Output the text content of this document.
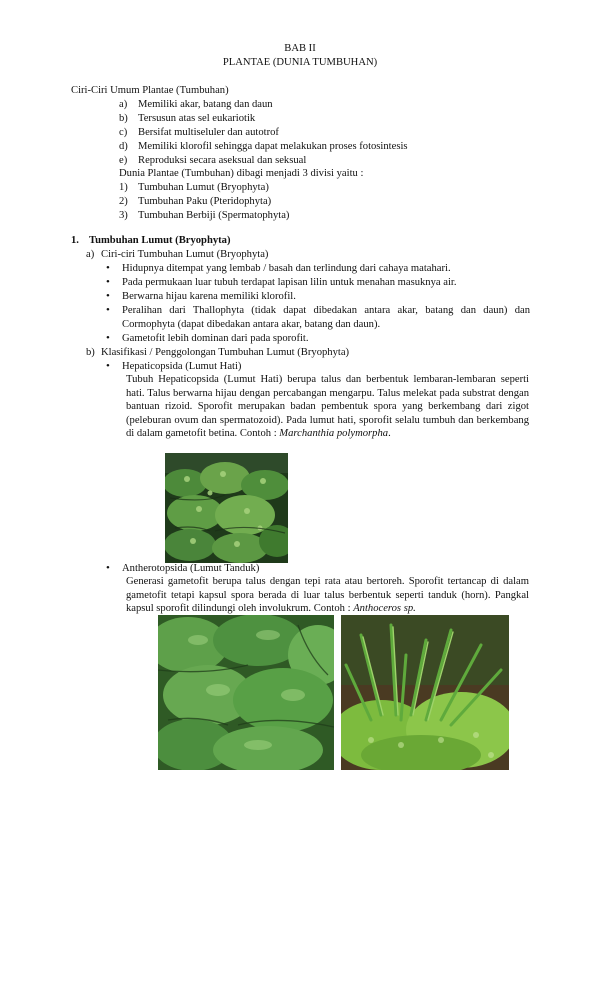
BAB II
PLANTAE (DUNIA TUMBUHAN)
Ciri-Ciri Umum Plantae (Tumbuhan)
a) Memiliki akar, batang dan daun
b) Tersusun atas sel eukariotik
c) Bersifat multiseluler dan autotrof
d) Memiliki klorofil sehingga dapat melakukan proses fotosintesis
e) Reproduksi secara aseksual dan seksual
Dunia Plantae (Tumbuhan) dibagi menjadi 3 divisi yaitu :
1) Tumbuhan Lumut (Bryophyta)
2) Tumbuhan Paku (Pteridophyta)
3) Tumbuhan Berbiji (Spermatophyta)
1. Tumbuhan Lumut (Bryophyta)
a) Ciri-ciri Tumbuhan Lumut (Bryophyta)
• Hidupnya ditempat yang lembab / basah dan terlindung dari cahaya matahari.
• Pada permukaan luar tubuh terdapat lapisan lilin untuk menahan masuknya air.
• Berwarna hijau karena memiliki klorofil.
• Peralihan dari Thallophyta (tidak dapat dibedakan antara akar, batang dan daun) dan Cormophyta (dapat dibedakan antara akar, batang dan daun).
• Gametofit lebih dominan dari pada sporofit.
b) Klasifikasi / Penggolongan Tumbuhan Lumut (Bryophyta)
• Hepaticopsida (Lumut Hati)
Tubuh Hepaticopsida (Lumut Hati) berupa talus dan berbentuk lembaran-lembaran seperti hati. Talus berwarna hijau dengan percabangan mengarpu. Talus melekat pada substrat dengan bantuan rizoid. Sporofit merupakan badan pembentuk spora yang berkembang dari zigot (peleburan ovum dan spermatozoid). Pada lumut hati, sporofit selalu tumbuh dan berkembang di dalam gametofit betina. Contoh : Marchanthia polymorpha.
• Antherotopsida (Lumut Tanduk)
Generasi gametofit berupa talus dengan tepi rata atau bertoreh. Sporofit tertancap di dalam gametofit tetapi kapsul spora berada di luar talus berbentuk seperti tanduk (horn). Pangkal kapsul sporofit dilindungi oleh involukrum. Contoh : Anthoceros sp.
